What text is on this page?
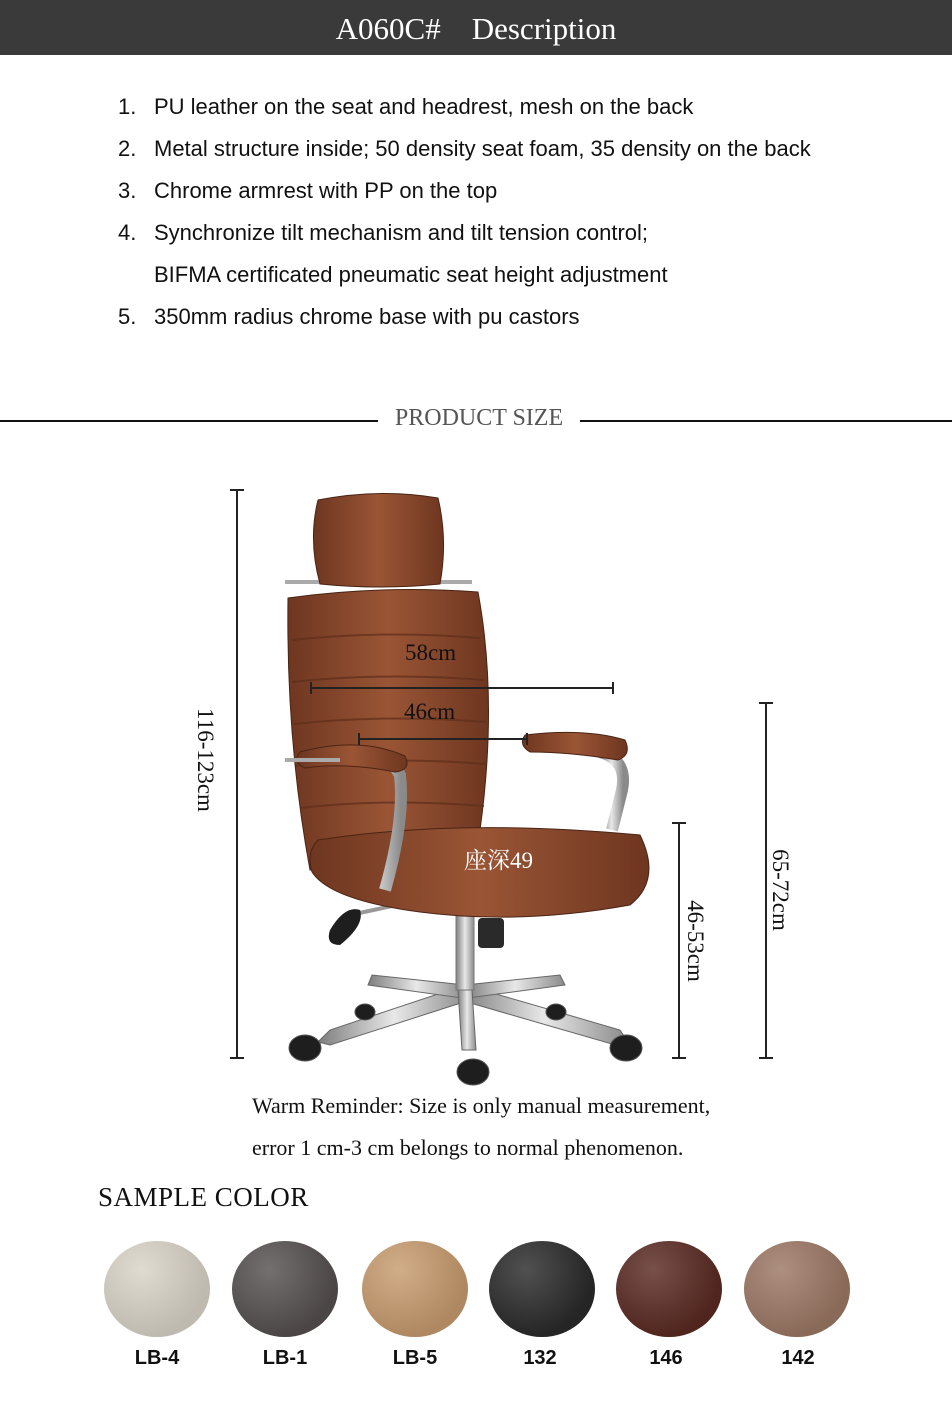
A060C# Description
1. PU leather on the seat and headrest, mesh on the back
2. Metal structure inside; 50 density seat foam, 35 density on the back
3. Chrome armrest with PP on the top
4. Synchronize tilt mechanism and tilt tension control;
BIFMA certificated pneumatic seat height adjustment
5. 350mm radius chrome base with pu castors
PRODUCT SIZE
58cm
46cm
座深49
116-123cm
46-53cm
65-72cm
Warm Reminder: Size is only manual measurement,
error 1 cm-3 cm belongs to normal phenomenon.
SAMPLE COLOR
LB-4	LB-1	LB-5	132	146	142
